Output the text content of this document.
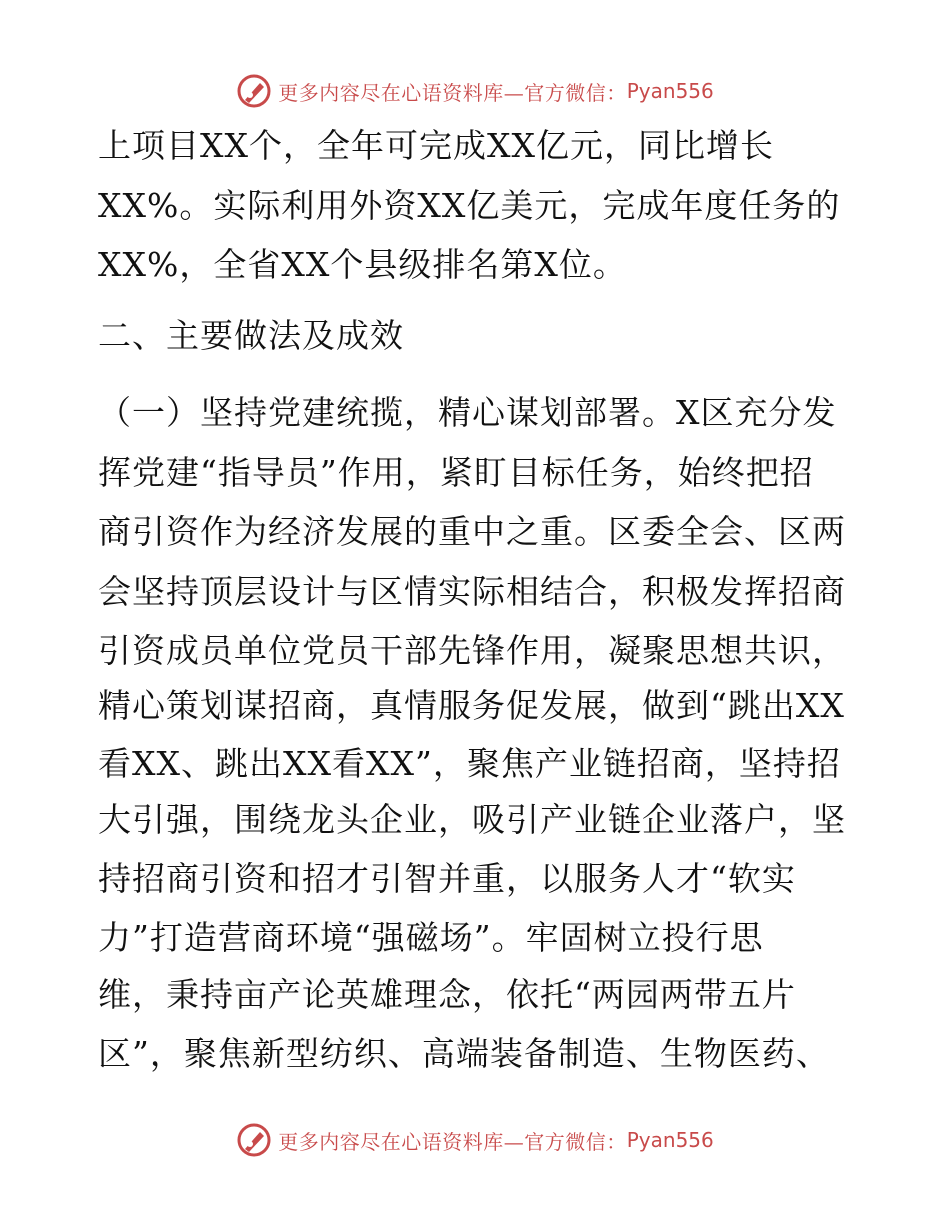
更多内容尽在心语资料库—官方微信： Pyan556
上项目XX个，全年可完成XX亿元，同比增长
XX%。实际利用外资XX亿美元，完成年度任务的
XX%，全省XX个县级排名第X位。
二、主要做法及成效
（一）坚持党建统揽，精心谋划部署。X区充分发
挥党建“指导员”作用，紧盯目标任务，始终把招
商引资作为经济发展的重中之重。区委全会、区两
会坚持顶层设计与区情实际相结合，积极发挥招商
引资成员单位党员干部先锋作用，凝聚思想共识，
精心策划谋招商，真情服务促发展，做到“跳出XX
看XX、跳出XX看XX”，聚焦产业链招商，坚持招
大引强，围绕龙头企业，吸引产业链企业落户，坚
持招商引资和招才引智并重，以服务人才“软实
力”打造营商环境“强磁场”。牢固树立投行思
维，秉持亩产论英雄理念，依托“两园两带五片
区”，聚焦新型纺织、高端装备制造、生物医药、
更多内容尽在心语资料库—官方微信： Pyan556
